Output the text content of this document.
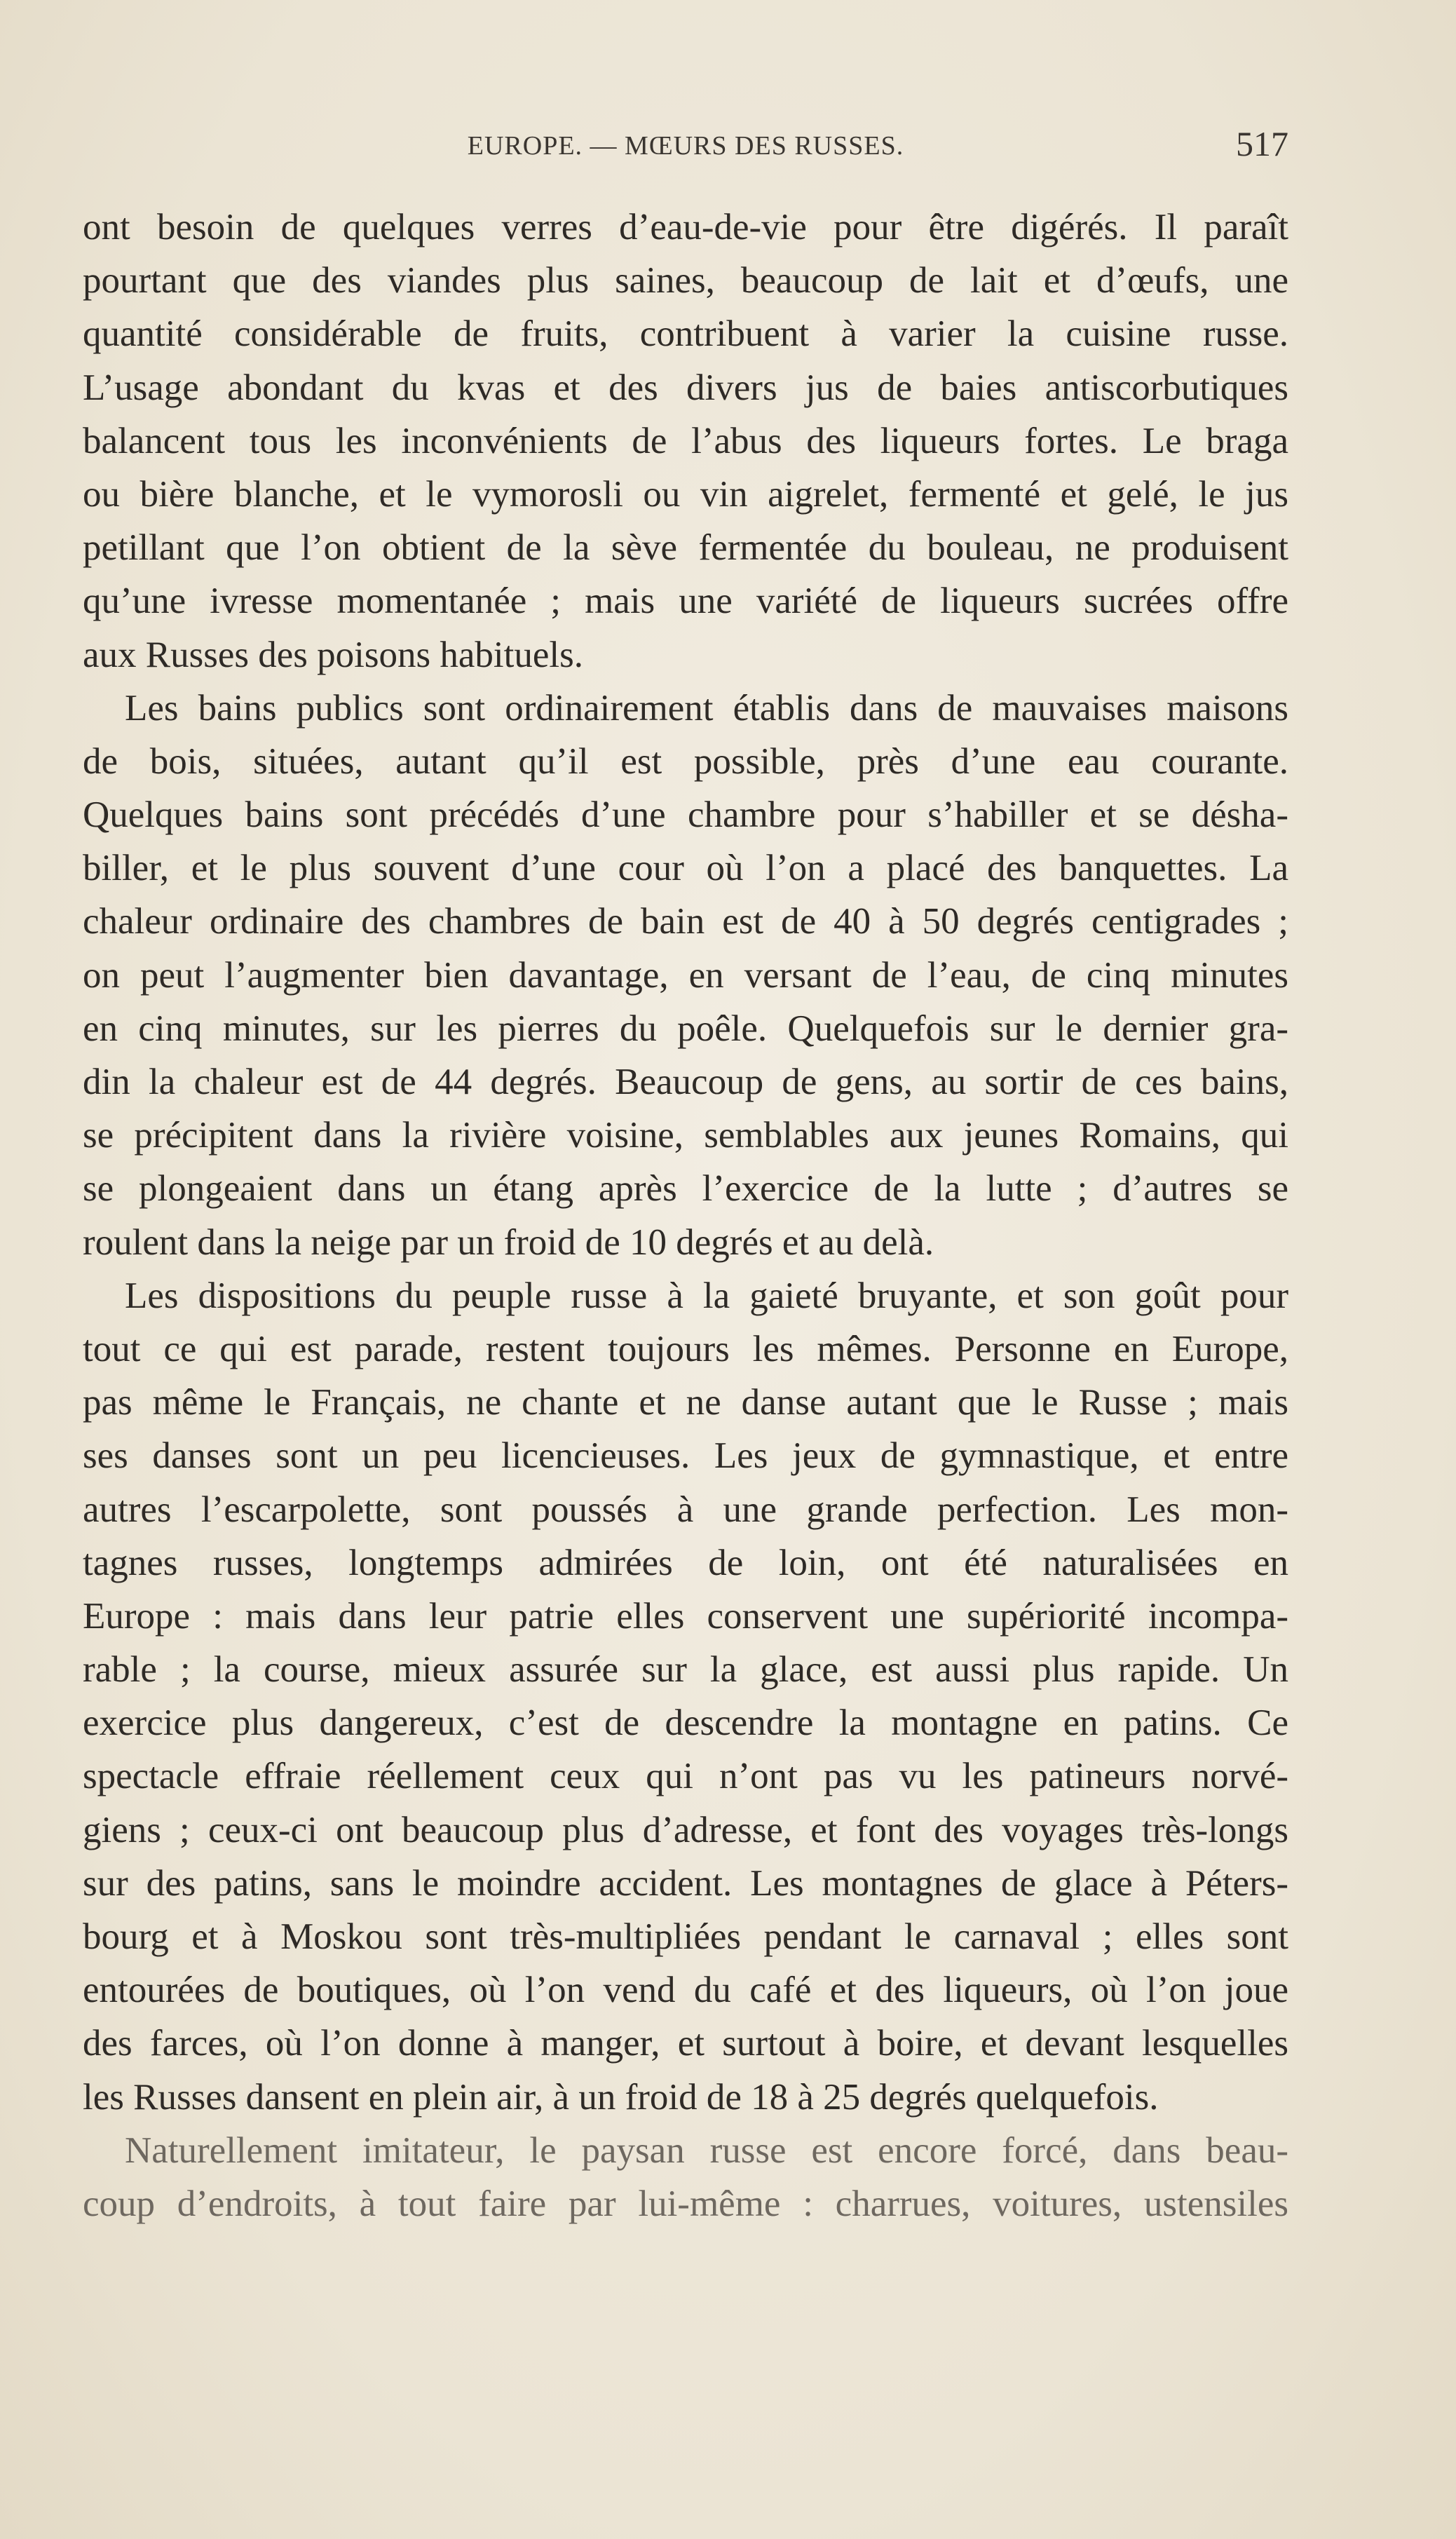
EUROPE. — MŒURS DES RUSSES.	517
ont besoin de quelques verres d’eau-de-vie pour être digérés. Il paraît
pourtant que des viandes plus saines, beaucoup de lait et d’œufs, une
quantité considérable de fruits, contribuent à varier la cuisine russe.
L’usage abondant du kvas et des divers jus de baies antiscorbutiques
balancent tous les inconvénients de l’abus des liqueurs fortes. Le braga
ou bière blanche, et le vymorosli ou vin aigrelet, fermenté et gelé, le jus
petillant que l’on obtient de la sève fermentée du bouleau, ne produisent
qu’une ivresse momentanée ; mais une variété de liqueurs sucrées offre
aux Russes des poisons habituels.
Les bains publics sont ordinairement établis dans de mauvaises maisons
de bois, situées, autant qu’il est possible, près d’une eau courante.
Quelques bains sont précédés d’une chambre pour s’habiller et se désha-
biller, et le plus souvent d’une cour où l’on a placé des banquettes. La
chaleur ordinaire des chambres de bain est de 40 à 50 degrés centigrades ;
on peut l’augmenter bien davantage, en versant de l’eau, de cinq minutes
en cinq minutes, sur les pierres du poêle. Quelquefois sur le dernier gra-
din la chaleur est de 44 degrés. Beaucoup de gens, au sortir de ces bains,
se précipitent dans la rivière voisine, semblables aux jeunes Romains, qui
se plongeaient dans un étang après l’exercice de la lutte ; d’autres se
roulent dans la neige par un froid de 10 degrés et au delà.
Les dispositions du peuple russe à la gaieté bruyante, et son goût pour
tout ce qui est parade, restent toujours les mêmes. Personne en Europe,
pas même le Français, ne chante et ne danse autant que le Russe ; mais
ses danses sont un peu licencieuses. Les jeux de gymnastique, et entre
autres l’escarpolette, sont poussés à une grande perfection. Les mon-
tagnes russes, longtemps admirées de loin, ont été naturalisées en
Europe : mais dans leur patrie elles conservent une supériorité incompa-
rable ; la course, mieux assurée sur la glace, est aussi plus rapide. Un
exercice plus dangereux, c’est de descendre la montagne en patins. Ce
spectacle effraie réellement ceux qui n’ont pas vu les patineurs norvé-
giens ; ceux-ci ont beaucoup plus d’adresse, et font des voyages très-longs
sur des patins, sans le moindre accident. Les montagnes de glace à Péters-
bourg et à Moskou sont très-multipliées pendant le carnaval ; elles sont
entourées de boutiques, où l’on vend du café et des liqueurs, où l’on joue
des farces, où l’on donne à manger, et surtout à boire, et devant lesquelles
les Russes dansent en plein air, à un froid de 18 à 25 degrés quelquefois.
Naturellement imitateur, le paysan russe est encore forcé, dans beau-
coup d’endroits, à tout faire par lui-même : charrues, voitures, ustensiles
